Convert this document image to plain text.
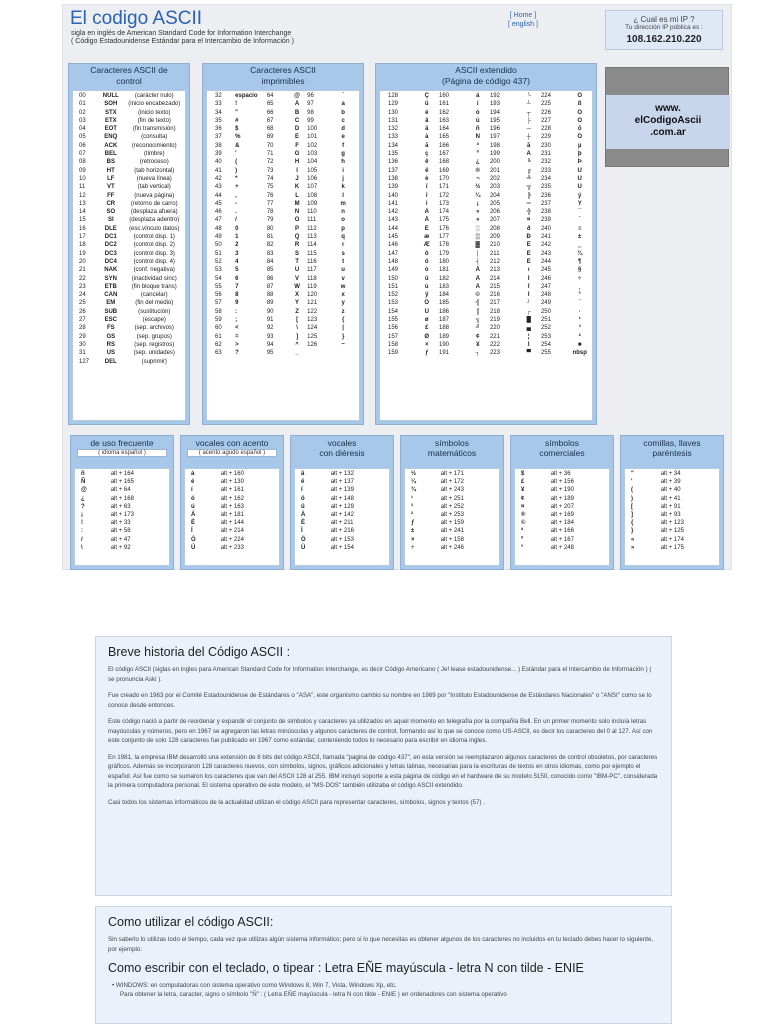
El codigo ASCII
sigla en inglés de American Standard Code for Information Interchange
( Código Estadounidense Estándar para el Intercambio de Información )
[ Home ]
[ english ]
¿ Cual es mi IP ?
Tu dirección IP pública es :
108.162.210.220
Caracteres ASCII de
control
00	NULL	(carácter nulo)
01	SOH	(inicio encabezado)
02	STX	(inicio texto)
03	ETX	(fin de texto)
04	EOT	(fin transmisión)
05	ENQ	(consulta)
06	ACK	(reconocimiento)
07	BEL	(timbre)
08	BS	(retroceso)
09	HT	(tab horizontal)
10	LF	(nueva línea)
11	VT	(tab vertical)
12	FF	(nueva página)
13	CR	(retorno de carro)
14	SO	(desplaza afuera)
15	SI	(desplaza adentro)
16	DLE	(esc.vínculo datos)
17	DC1	(control disp. 1)
18	DC2	(control disp. 2)
19	DC3	(control disp. 3)
20	DC4	(control disp. 4)
21	NAK	(conf. negativa)
22	SYN	(inactividad sínc)
23	ETB	(fin bloque trans)
24	CAN	(cancelar)
25	EM	(fin del medio)
26	SUB	(sustitución)
27	ESC	(escape)
28	FS	(sep. archivos)
29	GS	(sep. grupos)
30	RS	(sep. registros)
31	US	(sep. unidades)
127	DEL	(suprimir)
Caracteres ASCII
imprimibles
32	espacio	64	@	96	`
33	!	65	A	97	a
34	"	66	B	98	b
35	#	67	C	99	c
36	$	68	D	100	d
37	%	69	E	101	e
38	&	70	F	102	f
39	'	71	G	103	g
40	(	72	H	104	h
41	)	73	I	105	i
42	*	74	J	106	j
43	+	75	K	107	k
44	,	76	L	108	l
45	-	77	M	109	m
46	.	78	N	110	n
47	/	79	O	111	o
48	0	80	P	112	p
49	1	81	Q	113	q
50	2	82	R	114	r
51	3	83	S	115	s
52	4	84	T	116	t
53	5	85	U	117	u
54	6	86	V	118	v
55	7	87	W	119	w
56	8	88	X	120	x
57	9	89	Y	121	y
58	:	90	Z	122	z
59	;	91	[	123	{
60	<	92	\	124	|
61	=	93	]	125	}
62	>	94	^	126	~
63	?	95	_
ASCII extendido
(Página de código 437)
128	Ç	160	á	192	└	224	Ó
129	ü	161	í	193	┴	225	ß
130	é	162	ó	194	┬	226	Ô
131	â	163	ú	195	├	227	Ò
132	ä	164	ñ	196	─	228	õ
133	à	165	Ñ	197	┼	229	Õ
134	å	166	ª	198	ã	230	µ
135	ç	167	º	199	Ã	231	þ
136	ê	168	¿	200	╚	232	Þ
137	ë	169	®	201	╔	233	Ú
138	è	170	¬	202	╩	234	Û
139	ï	171	½	203	╦	235	Ù
140	î	172	¼	204	╠	236	ý
141	ì	173	¡	205	═	237	Ý
142	Ä	174	«	206	╬	238	¯
143	Å	175	»	207	¤	239	´
144	É	176	░	208	ð	240	≡
145	æ	177	▒	209	Ð	241	±
146	Æ	178	▓	210	Ê	242	‗
147	ô	179	│	211	Ë	243	¾
148	ö	180	┤	212	È	244	¶
149	ò	181	Á	213	ı	245	§
150	û	182	Â	214	Í	246	÷
151	ù	183	À	215	Î	247	¸
152	ÿ	184	©	216	Ï	248	°
153	Ö	185	╣	217	┘	249	¨
154	Ü	186	║	218	┌	250	·
155	ø	187	╗	219	█	251	¹
156	£	188	╝	220	▄	252	³
157	Ø	189	¢	221	¦	253	²
158	×	190	¥	222	Ì	254	■
159	ƒ	191	┐	223	▀	255	nbsp
www.
elCodigoAscii
.com.ar
de uso frecuente
( idioma español )
ñ	alt + 164
Ñ	alt + 165
@	alt + 64
¿	alt + 168
?	alt + 63
¡	alt + 173
!	alt + 33
:	alt + 58
/	alt + 47
\	alt + 92
vocales con acento
( acento agudo español )
á	alt + 160
é	alt + 130
í	alt + 161
ó	alt + 162
ú	alt + 163
Á	alt + 181
É	alt + 144
Í	alt + 214
Ó	alt + 224
Ú	alt + 233
vocales
con diéresis
ä	alt + 132
ë	alt + 137
ï	alt + 139
ö	alt + 148
ü	alt + 129
Ä	alt + 142
Ë	alt + 211
Ï	alt + 216
Ö	alt + 153
Ü	alt + 154
símbolos
matemáticos
½	alt + 171
¼	alt + 172
¾	alt + 243
¹	alt + 251
³	alt + 252
²	alt + 253
ƒ	alt + 159
±	alt + 241
×	alt + 158
÷	alt + 246
símbolos
comerciales
$	alt + 36
£	alt + 156
¥	alt + 190
¢	alt + 189
¤	alt + 207
®	alt + 169
©	alt + 184
ª	alt + 166
º	alt + 167
°	alt + 248
comillas, llaves
paréntesis
"	alt + 34
'	alt + 39
(	alt + 40
)	alt + 41
[	alt + 91
]	alt + 93
{	alt + 123
}	alt + 125
«	alt + 174
»	alt + 175
Breve historia del Código ASCII :

El código ASCII (siglas en ingles para American Standard Code for Information Interchange, es decir Código Americano ( Je! lease estadounidense... ) Estándar para el Intercambio de Información ) ( se pronuncia Aski ).

Fue creado en 1963 por el Comité Estadounidense de Estándares o "ASA", este organismo cambio su nombre en 1969 por "Instituto Estadounidense de Estándares Nacionales" o "ANSI" como se lo conoce desde entonces.

Este código nació a partir de reordenar y expandir el conjunto de símbolos y caracteres ya utilizados en aquel momento en telegrafía por la compañía Bell. En un primer momento solo incluía letras mayúsculas y números, pero en 1967 se agregaron las letras minúsculas y algunos caracteres de control, formando así lo que se conoce como US-ASCII, es decir los caracteres del 0 al 127. Así con este conjunto de solo 128 caracteres fue publicado en 1967 como estándar, conteniendo todos lo necesario para escribir en idioma ingles.

En 1981, la empresa IBM desarrolló una extensión de 8 bits del código ASCII, llamada "pagina de código 437", en esta versión se reemplazaron algunos caracteres de control obsoletos, por caracteres gráficos. Además se incorporaron 128 caracteres nuevos, con símbolos, signos, gráficos adicionales y letras latinas, necesarias para la escrituras de textos en otros idiomas, como por ejemplo el español. Así fue como se sumaron los caracteres que van del ASCII 128 al 255. IBM incluyó soporte a esta página de código en el hardware de su modelo 5150, conocido como "IBM-PC", considerada la primera computadora personal. El sistema operativo de este modelo, el "MS-DOS" también utilizaba el código ASCII extendido.

Casi todos los sistemas informáticos de la actualidad utilizan el código ASCII para representar caracteres, símbolos, signos y textos (57) .

Como utilizar el código ASCII:

Sin saberlo lo utilizas todo el tiempo, cada vez que utilizas algún sistema informático; pero si lo que necesitas es obtener algunos de los caracteres no incluidos en tu teclado debes hacer lo siguiente, por ejemplo:

Como escribir con el teclado, o tipear : Letra EÑE mayúscula - letra N con tilde - ENIE
• WINDOWS: en computadoras con sistema operativo como Windows 8, Win 7, Vista, Windows Xp, etc.
Para obtener la letra, caracter, signo o símbolo "Ñ" : ( Letra EÑE mayúscula - letra N con tilde - ENIE ) en ordenadores con sistema operativo
